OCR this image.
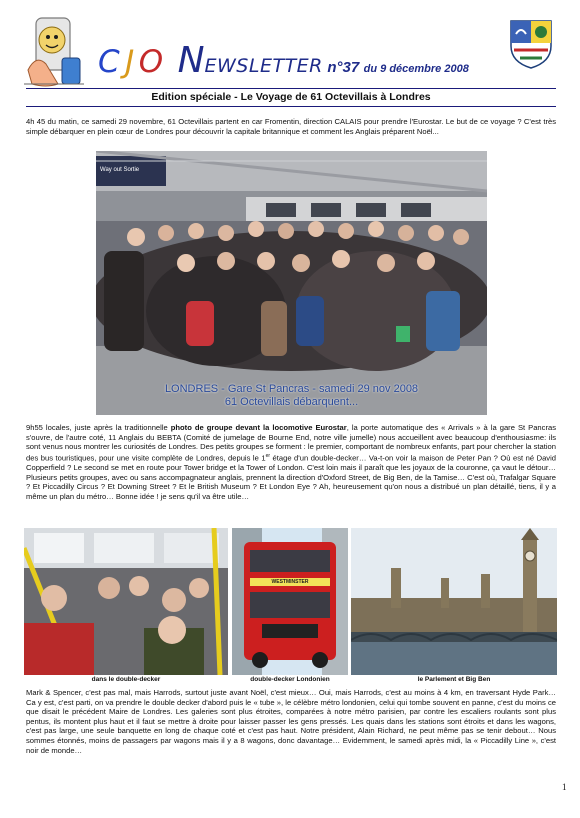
C J O NEWSLETTER n°37 du 9 décembre 2008
Edition spéciale - Le Voyage de 61 Octevillais à Londres

4h 45 du matin, ce samedi 29 novembre, 61 Octevillais partent en car Fromentin, direction CALAIS pour prendre l'Eurostar. Le but de ce voyage ? C'est très simple débarquer en plein cœur de Londres pour découvrir la capitale britannique et comment les Anglais préparent Noël...

Way out Sortie
LONDRES - Gare St Pancras - samedi 29 nov 2008
61 Octevillais débarquent...

9h55 locales, juste après la traditionnelle photo de groupe devant la locomotive Eurostar, la porte automatique des « Arrivals » à la gare St Pancras s'ouvre, de l'autre coté, 11 Anglais du BEBTA (Comité de jumelage de Bourne End, notre ville jumelle) nous accueillent avec beaucoup d'enthousiasme: ils sont venus nous montrer les curiosités de Londres. Des petits groupes se forment : le premier, comportant de nombreux enfants, part pour chercher la station des bus touristiques, pour une visite complète de Londres, depuis le 1er étage d'un double-decker… Va-t-on voir la maison de Peter Pan ? Où est né David Copperfield ? Le second se met en route pour Tower bridge et la Tower of London. C'est loin mais il paraît que les joyaux de la couronne, ça vaut le détour… Plusieurs petits groupes, avec ou sans accompagnateur anglais, prennent la direction d'Oxford Street, de Big Ben, de la Tamise… C'est où, Trafalgar Square ? Et Piccadilly Circus ? Et Downing Street ? Et le British Museum ? Et London Eye ? Ah, heureusement qu'on nous a distribué un plan détaillé, tiens, il y a même un plan du métro… Bonne idée ! je sens qu'il va être utile…

WESTMINSTER
dans le double-decker	double-decker Londonien	le Parlement et Big Ben

Mark & Spencer, c'est pas mal, mais Harrods, surtout juste avant Noël, c'est mieux… Oui, mais Harrods, c'est au moins à 4 km, en traversant Hyde Park… Ca y est, c'est parti, on va prendre le double decker d'abord puis le « tube », le célèbre métro londonien, celui qui tombe souvent en panne, c'est du moins ce que disait le précédent Maire de Londres. Les galeries sont plus étroites, comparées à notre métro parisien, par contre les escaliers roulants sont plus pentus, ils montent plus haut et il faut se mettre à droite pour laisser passer les gens pressés. Les quais dans les stations sont étroits et dans les wagons, c'est pas large, une seule banquette en long de chaque coté et c'est pas haut. Notre président, Alain Richard, ne peut même pas se tenir debout… Nous sommes étonnés, moins de passagers par wagons mais il y a 8 wagons, donc davantage… Evidemment, le samedi après midi, la « Piccadilly Line », c'est noir de monde…

1
